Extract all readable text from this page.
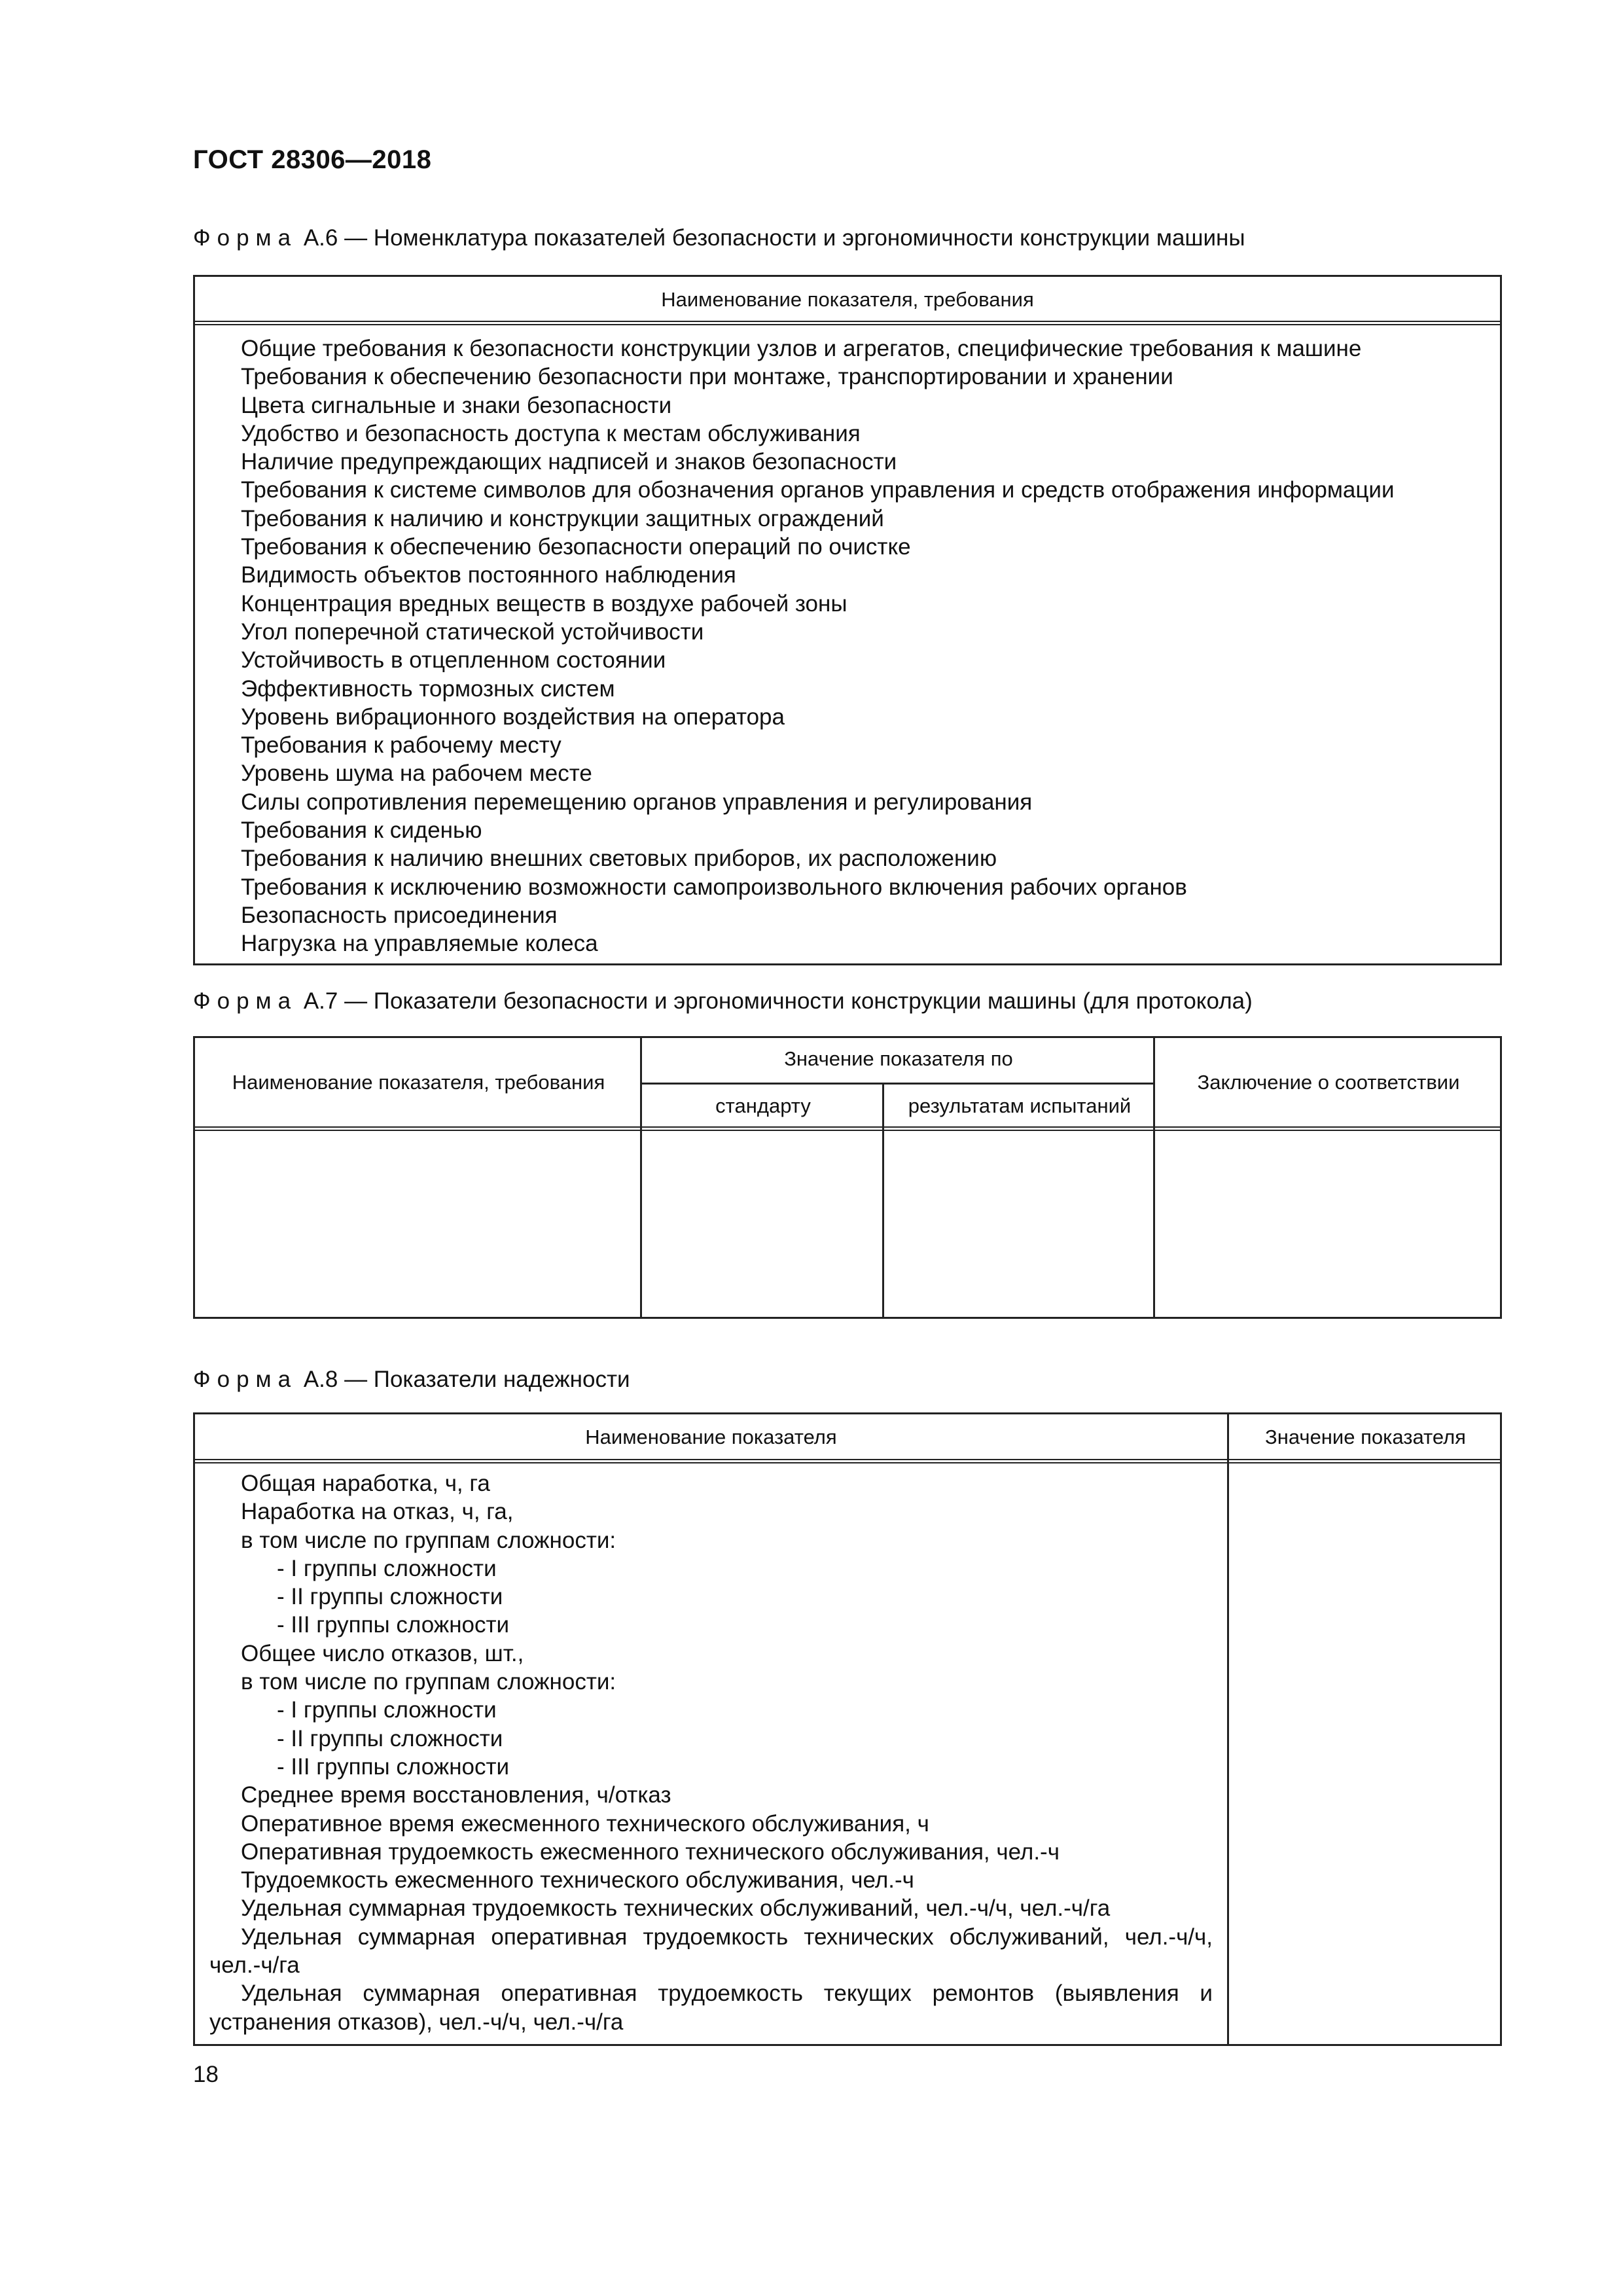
ГОСТ 28306—2018
Форма А.6 — Номенклатура показателей безопасности и эргономичности конструкции машины
Наименование показателя, требования
Общие требования к безопасности конструкции узлов и агрегатов, специфические требования к машине
Требования к обеспечению безопасности при монтаже, транспортировании и хранении
Цвета сигнальные и знаки безопасности
Удобство и безопасность доступа к местам обслуживания
Наличие предупреждающих надписей и знаков безопасности
Требования к системе символов для обозначения органов управления и средств отображения информации
Требования к наличию и конструкции защитных ограждений
Требования к обеспечению безопасности операций по очистке
Видимость объектов постоянного наблюдения
Концентрация вредных веществ в воздухе рабочей зоны
Угол поперечной статической устойчивости
Устойчивость в отцепленном состоянии
Эффективность тормозных систем
Уровень вибрационного воздействия на оператора
Требования к рабочему месту
Уровень шума на рабочем месте
Силы сопротивления перемещению органов управления и регулирования
Требования к сиденью
Требования к наличию внешних световых приборов, их расположению
Требования к исключению возможности самопроизвольного включения рабочих органов
Безопасность присоединения
Нагрузка на управляемые колеса
Форма А.7 — Показатели безопасности и эргономичности конструкции машины (для протокола)
Наименование показателя, требования
Значение показателя по
стандарту	результатам испытаний
Заключение о соответствии
Форма А.8 — Показатели надежности
Наименование показателя	Значение показателя
Общая наработка, ч, га
Наработка на отказ, ч, га,
в том числе по группам сложности:
- I группы сложности
- II группы сложности
- III группы сложности
Общее число отказов, шт.,
в том числе по группам сложности:
- I группы сложности
- II группы сложности
- III группы сложности
Среднее время восстановления, ч/отказ
Оперативное время ежесменного технического обслуживания, ч
Оперативная трудоемкость ежесменного технического обслуживания, чел.-ч
Трудоемкость ежесменного технического обслуживания, чел.-ч
Удельная суммарная трудоемкость технических обслуживаний, чел.-ч/ч, чел.-ч/га
Удельная суммарная оперативная трудоемкость технических обслуживаний, чел.-ч/ч, чел.-ч/га
Удельная суммарная оперативная трудоемкость текущих ремонтов (выявления и устранения отказов), чел.-ч/ч, чел.-ч/га
18
